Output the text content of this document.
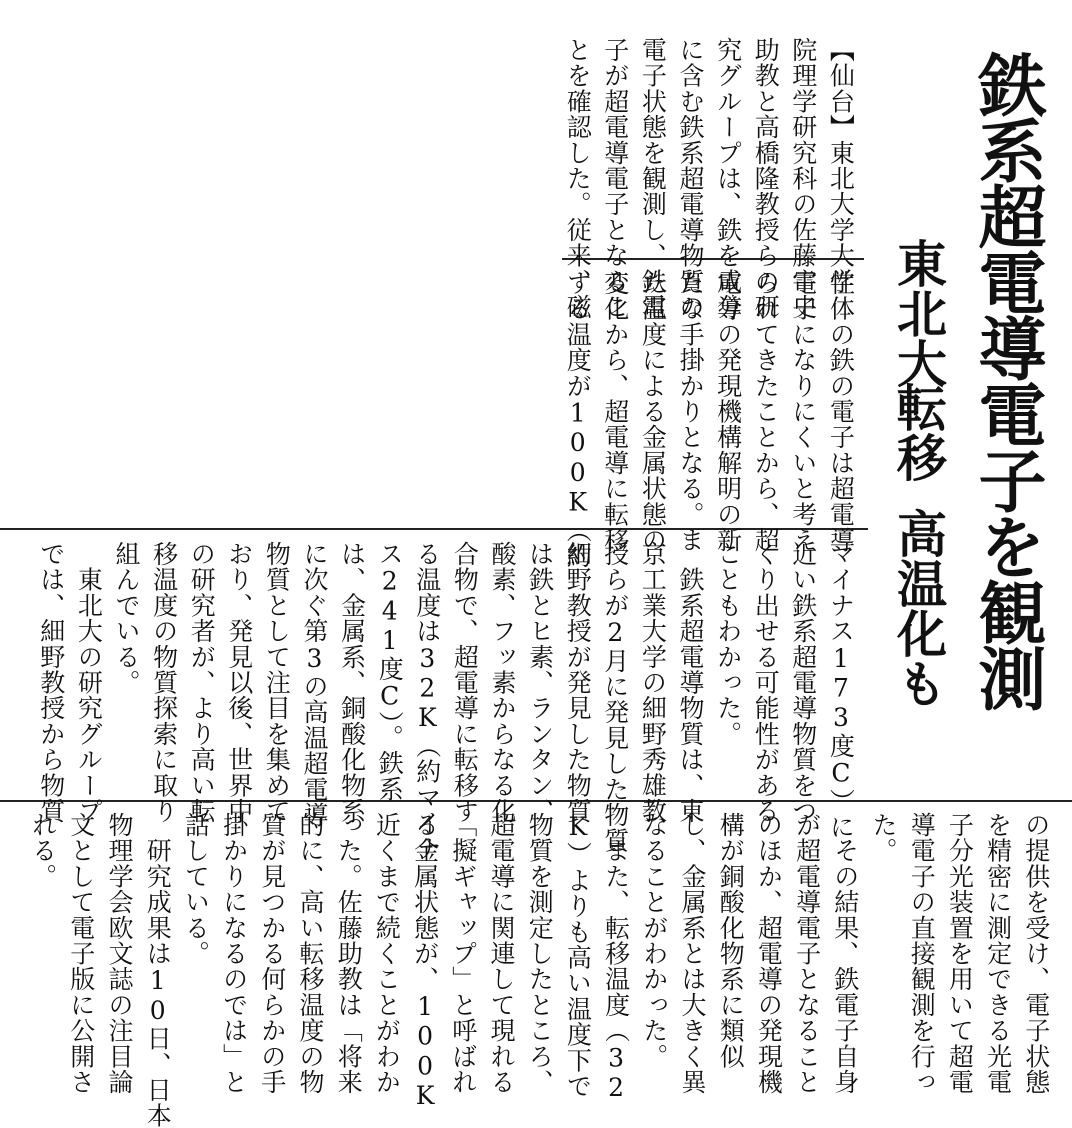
鉄系超電導電子を観測
東北大
転移
高温化も
【仙台】東北大学大学
院理学研究科の佐藤宇史
助教と高橋隆教授らの研
究グループは、鉄を成分
に含む鉄系超電導物質の
電子状態を観測し、鉄電
子が超電導電子となるこ
とを確認した。従来、磁
性体の鉄の電子は超電導
電子になりにくいと考え
られてきたことから、超
電導の発現機構解明の新
たな手掛かりとなる。ま
た温度による金属状態の
変化から、超電導に転移
する温度が100K（約
マイナス173度C）に
近い鉄系超電導物質をつ
くり出せる可能性がある
こともわかった。
　鉄系超電導物質は、東
京工業大学の細野秀雄教
授らが2月に発見した物質
細野教授が発見した物質
は鉄とヒ素、ランタン、
酸素、フッ素からなる化
合物で、超電導に転移す
る温度は32K（約マイナ
ス241度C）。鉄系
は、金属系、銅酸化物系
に次ぐ第3の高温超電導
物質として注目を集めて
おり、発見以後、世界中
の研究者が、より高い転
移温度の物質探索に取り
組んでいる。
　東北大の研究グループ
では、細野教授から物質
の提供を受け、電子状態
を精密に測定できる光電
子分光装置を用いて超電
導電子の直接観測を行っ
た。
　その結果、鉄電子自身
が超電導電子となること
のほか、超電導の発現機
構が銅酸化物系に類似
し、金属系とは大きく異
なることがわかった。
　また、転移温度（32
K）よりも高い温度下で
物質を測定したところ、
超電導に関連して現れる
「擬ギャップ」と呼ばれ
る金属状態が、100K
近くまで続くことがわか
った。佐藤助教は「将来
的に、高い転移温度の物
質が見つかる何らかの手
掛かりになるのでは」と
話している。
　研究成果は10日、日本
物理学会欧文誌の注目論
文として電子版に公開さ
れる。
